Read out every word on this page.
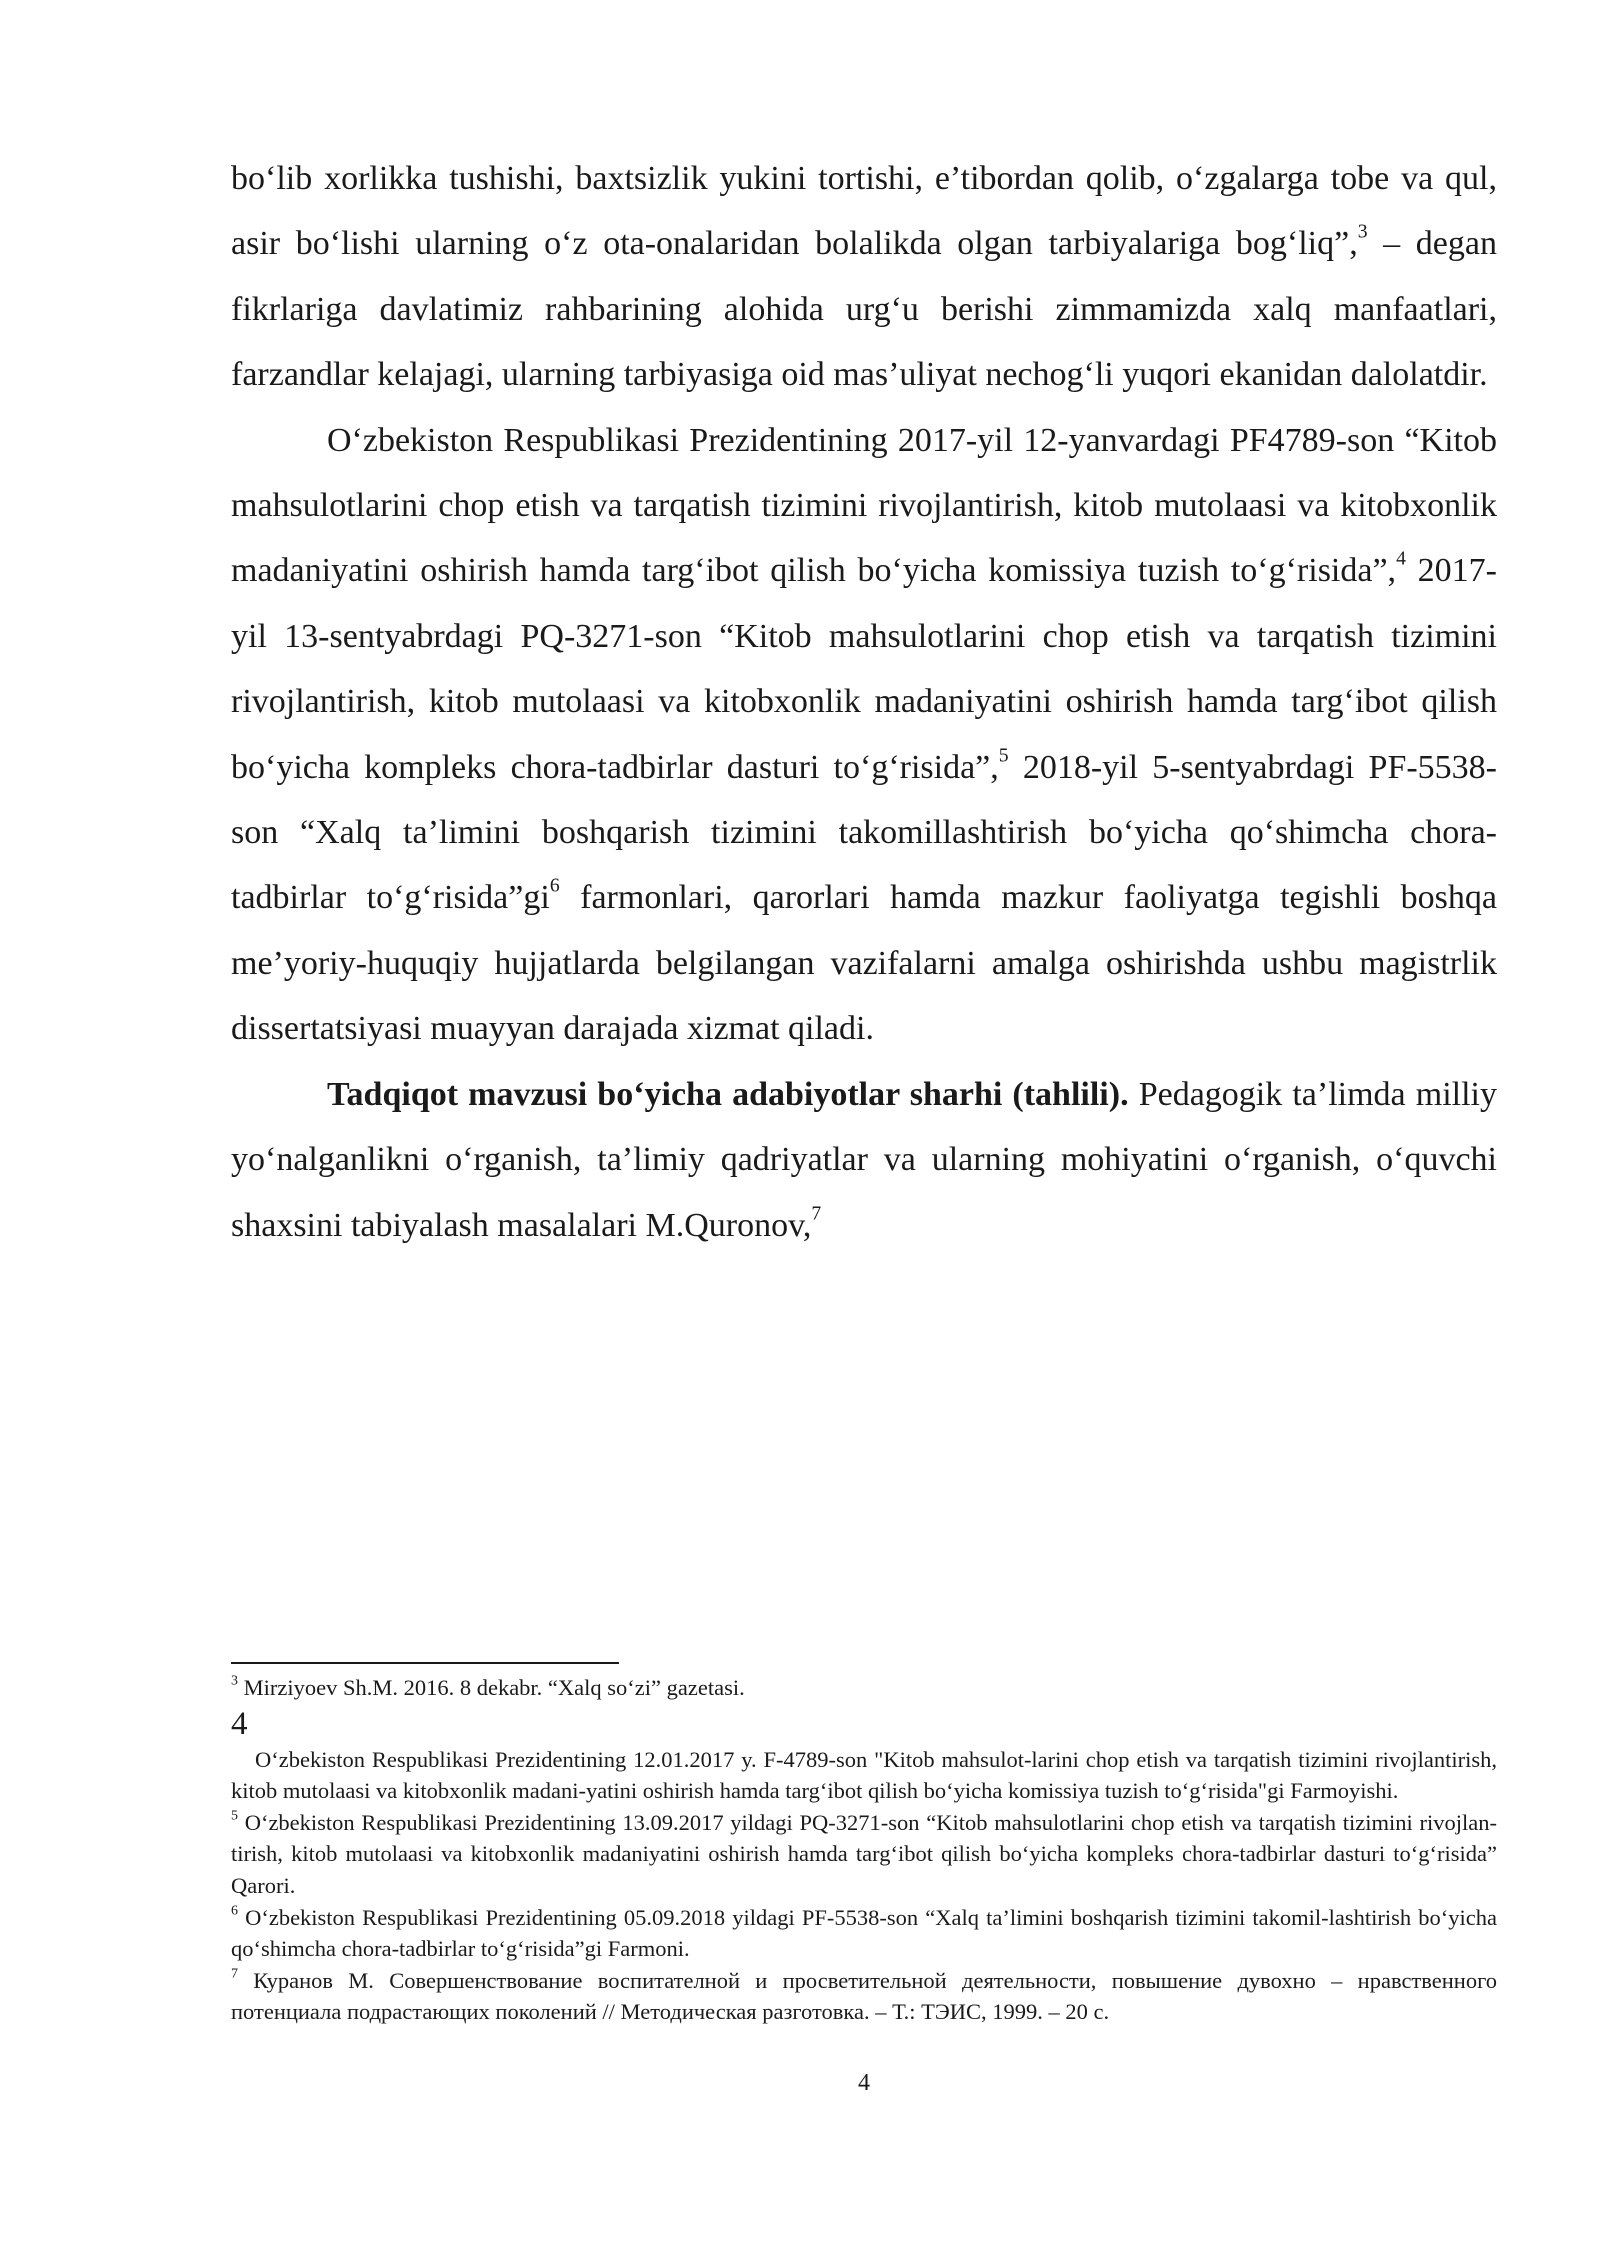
bo‘lib xorlikka tushishi, baxtsizlik yukini tortishi, e’tibordan qolib, o‘zgalarga tobe va qul, asir bo‘lishi ularning o‘z ota-onalaridan bolalikda olgan tarbiyalariga bog‘liq”,$^3$ – degan fikrlariga davlatimiz rahbarining alohida urg‘u berishi zimmamizda xalq manfaatlari, farzandlar kelajagi, ularning tarbiyasiga oid mas’uliyat nechog‘li yuqori ekanidan dalolatdir.

O‘zbekiston Respublikasi Prezidentining 2017-yil 12-yanvardagi PF4789-son “Kitob mahsulotlarini chop etish va tarqatish tizimini rivojlantirish, kitob mutolaasi va kitobxonlik madaniyatini oshirish hamda targ‘ibot qilish bo‘yicha komissiya tuzish to‘g‘risida”,$^4$ 2017-yil 13-sentyabrdagi PQ-3271-son “Kitob mahsulotlarini chop etish va tarqatish tizimini rivojlantirish, kitob mutolaasi va kitobxonlik madaniyatini oshirish hamda targ‘ibot qilish bo‘yicha kompleks chora-tadbirlar dasturi to‘g‘risida”,$^5$ 2018-yil 5-sentyabrdagi PF-5538-son “Xalq ta’limini boshqarish tizimini takomillashtirish bo‘yicha qo‘shimcha chora-tadbirlar $to‘g‘risida”gi^6$ farmonlari, qarorlari hamda mazkur faoliyatga tegishli boshqa me’yoriy-huquqiy hujjatlarda belgilangan vazifalarni amalga oshirishda ushbu magistrlik dissertatsiyasi muayyan darajada xizmat qiladi.

Tadqiqot mavzusi bo‘yicha adabiyotlar sharhi (tahlili). Pedagogik ta’limda milliy yo‘nalganlikni o‘rganish, ta’limiy qadriyatlar va ularning mohiyatini o‘rganish, o‘quvchi shaxsini tabiyalash masalalari M.Quronov,$^7$

$^3$ Mirziyoev Sh.M. 2016. 8 dekabr. “Xalq so‘zi” gazetasi.

4

O‘zbekiston Respublikasi Prezidentining 12.01.2017 y. F-4789-son "Kitob mahsulot-larini chop etish va tarqatish tizimini rivojlantirish, kitob mutolaasi va kitobxonlik madani-yatini oshirish hamda targ‘ibot qilish bo‘yicha komissiya tuzish to‘g‘risida"gi Farmoyishi.

$^5$ O‘zbekiston Respublikasi Prezidentining 13.09.2017 yildagi PQ-3271-son “Kitob mahsulotlarini chop etish va tarqatish tizimini rivojlan-tirish, kitob mutolaasi va kitobxonlik madaniyatini oshirish hamda targ‘ibot qilish bo‘yicha kompleks chora-tadbirlar dasturi to‘g‘risida” Qarori.

$^6$ O‘zbekiston Respublikasi Prezidentining 05.09.2018 yildagi PF-5538-son “Xalq ta’limini boshqarish tizimini takomil-lashtirish bo‘yicha qo‘shimcha chora-tadbirlar to‘g‘risida”gi Farmoni.

$^7$ Куранов М. Совершенствование воспитателной и просветительной деятельности, повышение дувохно – нравственного потенциала подрастающих поколений // Методическая разготовка. – Т.: ТЭИС, 1999. – 20 с.

4
